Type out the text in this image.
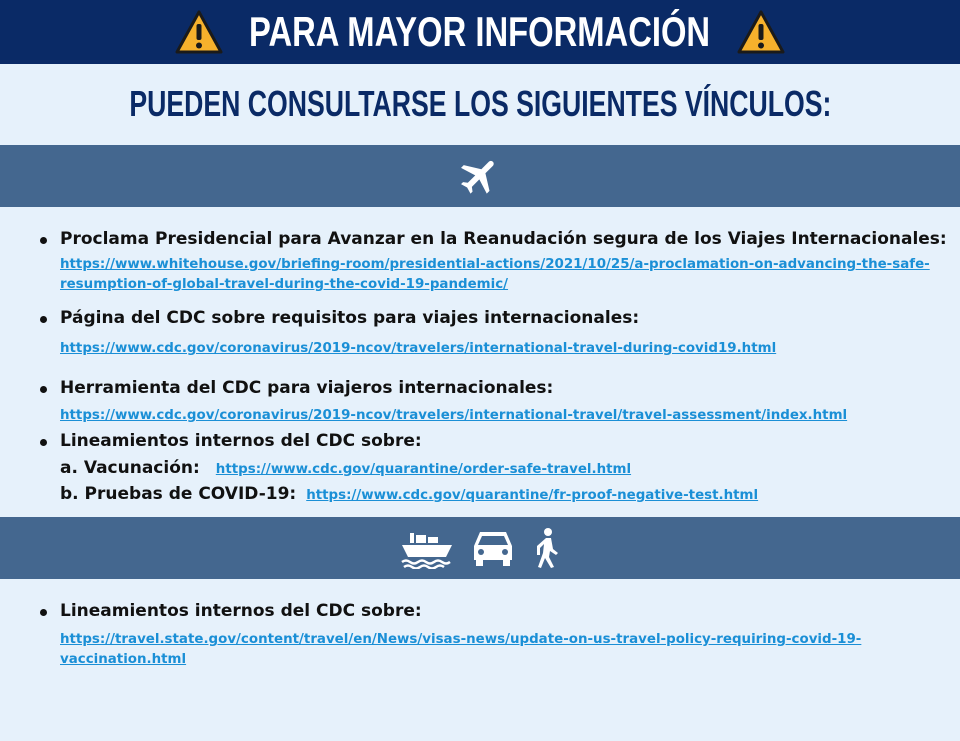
PARA MAYOR INFORMACIÓN
PUEDEN CONSULTARSE LOS SIGUIENTES VÍNCULOS:
Proclama Presidencial para Avanzar en la Reanudación segura de los Viajes Internacionales:
https://www.whitehouse.gov/briefing-room/presidential-actions/2021/10/25/a-proclamation-on-advancing-the-safe-
resumption-of-global-travel-during-the-covid-19-pandemic/
Página del CDC sobre requisitos para viajes internacionales:
https://www.cdc.gov/coronavirus/2019-ncov/travelers/international-travel-during-covid19.html
Herramienta del CDC para viajeros internacionales:
https://www.cdc.gov/coronavirus/2019-ncov/travelers/international-travel/travel-assessment/index.html
Lineamientos internos del CDC sobre:
a. Vacunación: https://www.cdc.gov/quarantine/order-safe-travel.html
b. Pruebas de COVID-19: https://www.cdc.gov/quarantine/fr-proof-negative-test.html
Lineamientos internos del CDC sobre:
https://travel.state.gov/content/travel/en/News/visas-news/update-on-us-travel-policy-requiring-covid-19-
vaccination.html
